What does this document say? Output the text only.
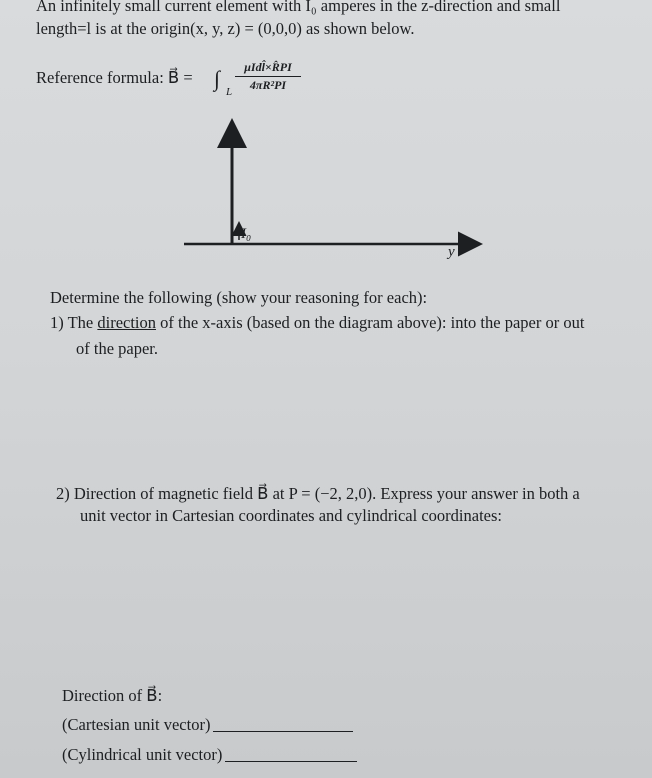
An infinitely small current element with I₀ amperes in the z-direction and small
length=l is at the origin(x, y, z) = (0,0,0) as shown below.
Reference formula: B⃗ = ∫
L
μIdl̂×R̂PI
4πR²PI
z
y
I₀
Determine the following (show your reasoning for each):
1) The direction of the x-axis (based on the diagram above): into the paper or out
of the paper.
2) Direction of magnetic field B⃗ at P = (−2, 2,0). Express your answer in both a
unit vector in Cartesian coordinates and cylindrical coordinates:
Direction of B⃗:
(Cartesian unit vector)
(Cylindrical unit vector)
